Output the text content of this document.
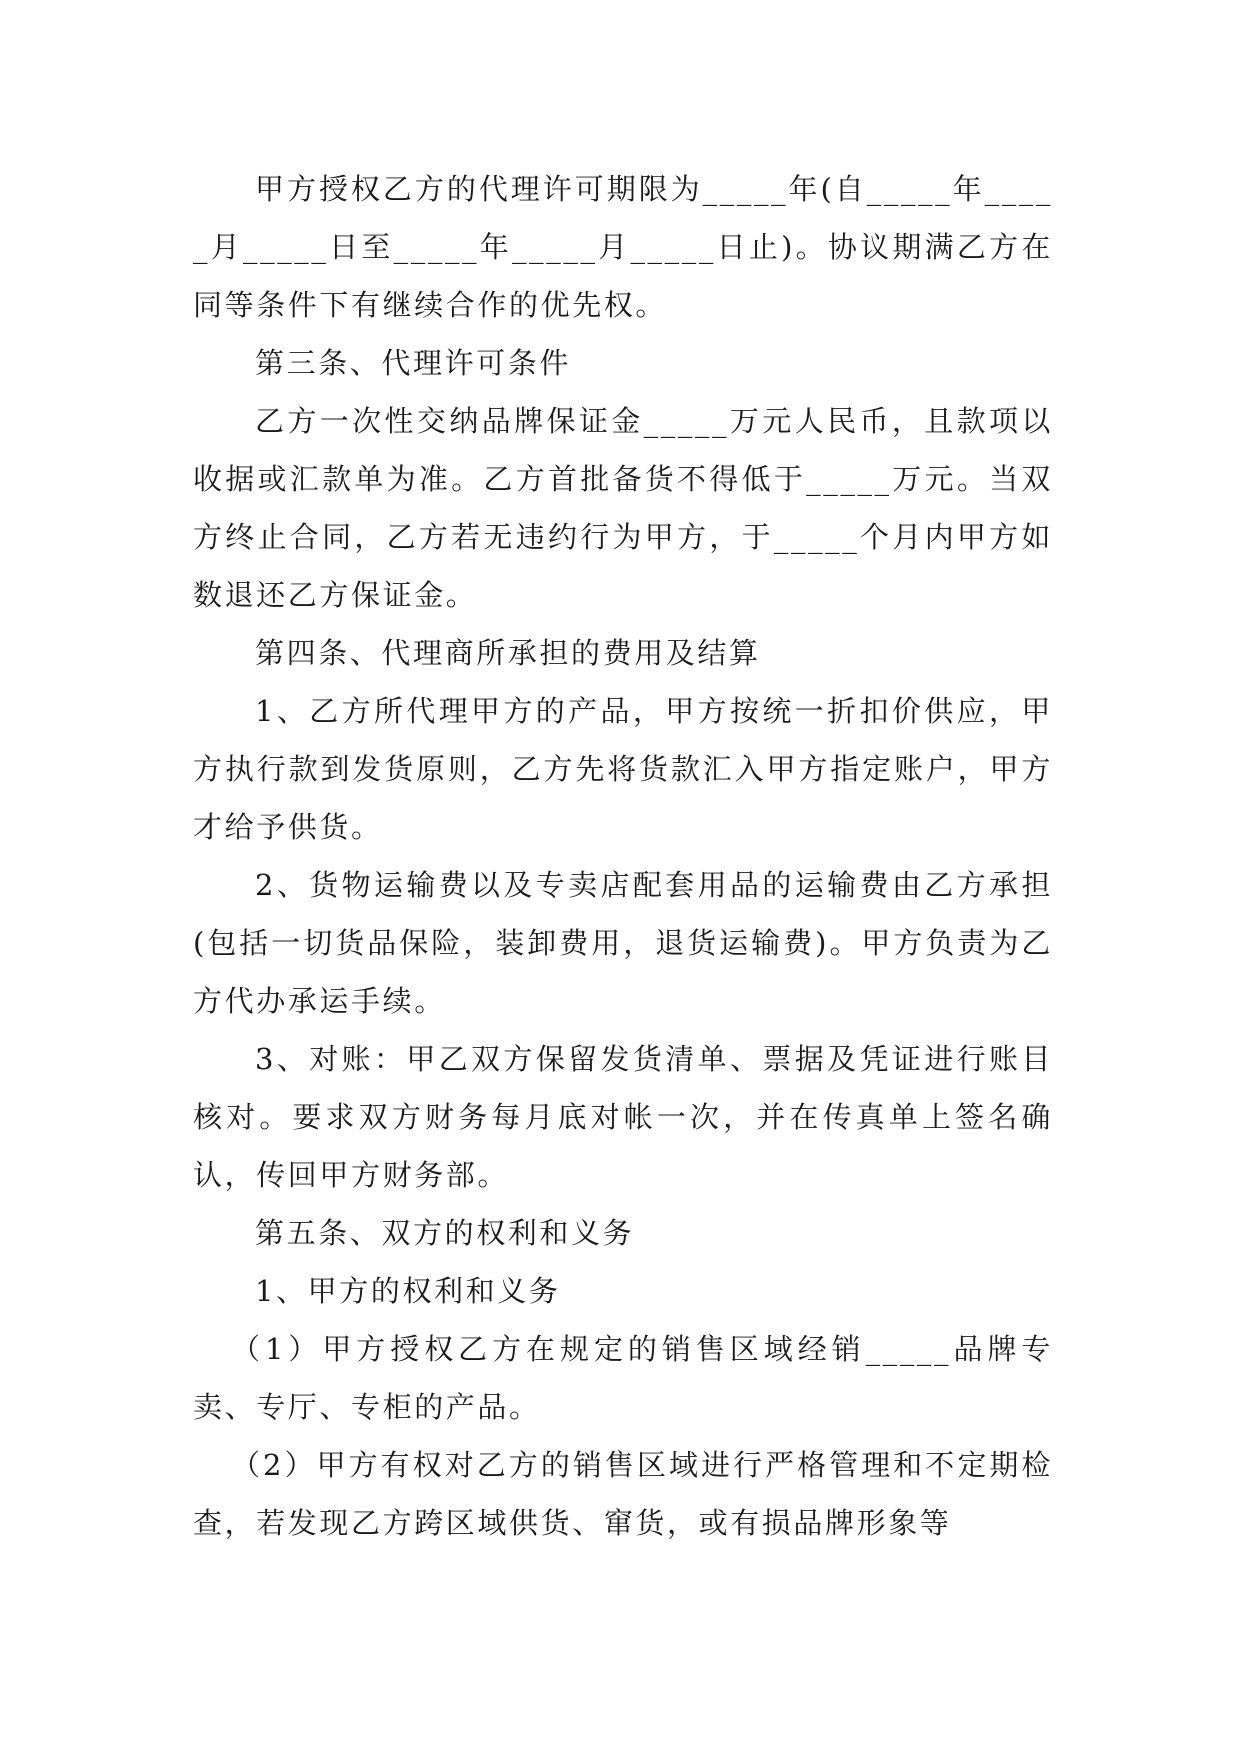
甲方授权乙方的代理许可期限为_____年(自_____年_____月_____日至_____年_____月_____日止)。协议期满乙方在同等条件下有继续合作的优先权。

第三条、代理许可条件

乙方一次性交纳品牌保证金_____万元人民币，且款项以收据或汇款单为准。乙方首批备货不得低于_____万元。当双方终止合同，乙方若无违约行为甲方，于_____个月内甲方如数退还乙方保证金。

第四条、代理商所承担的费用及结算

1、乙方所代理甲方的产品，甲方按统一折扣价供应，甲方执行款到发货原则，乙方先将货款汇入甲方指定账户，甲方才给予供货。

2、货物运输费以及专卖店配套用品的运输费由乙方承担(包括一切货品保险，装卸费用，退货运输费)。甲方负责为乙方代办承运手续。

3、对账：甲乙双方保留发货清单、票据及凭证进行账目核对。要求双方财务每月底对帐一次，并在传真单上签名确认，传回甲方财务部。

第五条、双方的权利和义务

1、甲方的权利和义务

（1）甲方授权乙方在规定的销售区域经销_____品牌专卖、专厅、专柜的产品。

（2）甲方有权对乙方的销售区域进行严格管理和不定期检查，若发现乙方跨区域供货、窜货，或有损品牌形象等
